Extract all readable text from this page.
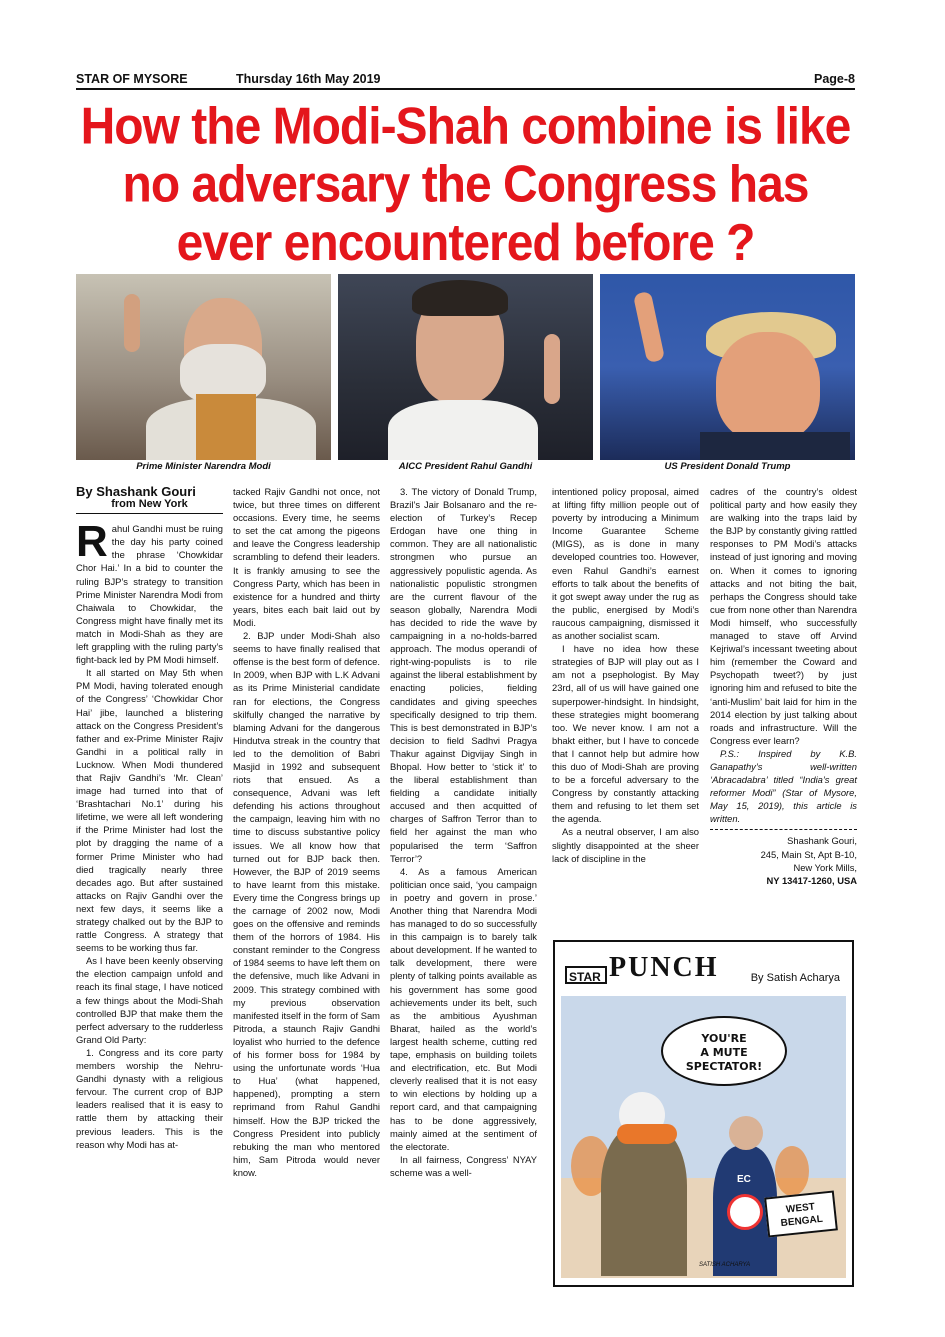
STAR OF MYSORE	Thursday 16th May 2019	Page-8
How the Modi-Shah combine is like
no adversary the Congress has
ever encountered before ?
Prime Minister Narendra Modi	AICC President Rahul Gandhi	US President Donald Trump

By Shashank Gouri

from New York

Rahul Gandhi must be ruing the day his party coined the phrase ‘Chowkidar Chor Hai.’ In a bid to counter the ruling BJP’s strategy to transition Prime Minister Narendra Modi from Chaiwala to Chowkidar, the Congress might have finally met its match in Modi-Shah as they are left grappling with the ruling party’s fight-back led by PM Modi himself.

It all started on May 5th when PM Modi, having tolerated enough of the Congress’ ‘Chowkidar Chor Hai’ jibe, launched a blistering attack on the Congress President’s father and ex-Prime Minister Rajiv Gandhi in a political rally in Lucknow. When Modi thundered that Rajiv Gandhi’s ‘Mr. Clean’ image had turned into that of ‘Brashtachari No.1’ during his lifetime, we were all left wondering if the Prime Minister had lost the plot by dragging the name of a former Prime Minister who had died tragically nearly three decades ago. But after sustained attacks on Rajiv Gandhi over the next few days, it seems like a strategy chalked out by the BJP to rattle Congress. A strategy that seems to be working thus far.

As I have been keenly observing the election campaign unfold and reach its final stage, I have noticed a few things about the Modi-Shah controlled BJP that make them the perfect adversary to the rudderless Grand Old Party:

1. Congress and its core party members worship the Nehru-Gandhi dynasty with a religious fervour. The current crop of BJP leaders realised that it is easy to rattle them by attacking their previous leaders. This is the reason why Modi has at-

tacked Rajiv Gandhi not once, not twice, but three times on different occasions. Every time, he seems to set the cat among the pigeons and leave the Congress leadership scrambling to defend their leaders. It is frankly amusing to see the Congress Party, which has been in existence for a hundred and thirty years, bites each bait laid out by Modi.

2. BJP under Modi-Shah also seems to have finally realised that offense is the best form of defence. In 2009, when BJP with L.K Advani as its Prime Ministerial candidate ran for elections, the Congress skilfully changed the narrative by blaming Advani for the dangerous Hindutva streak in the country that led to the demolition of Babri Masjid in 1992 and subsequent riots that ensued. As a consequence, Advani was left defending his actions throughout the campaign, leaving him with no time to discuss substantive policy issues. We all know how that turned out for BJP back then. However, the BJP of 2019 seems to have learnt from this mistake. Every time the Congress brings up the carnage of 2002 now, Modi goes on the offensive and reminds them of the horrors of 1984. His constant reminder to the Congress of 1984 seems to have left them on the defensive, much like Advani in 2009. This strategy combined with my previous observation manifested itself in the form of Sam Pitroda, a staunch Rajiv Gandhi loyalist who hurried to the defence of his former boss for 1984 by using the unfortunate words ‘Hua to Hua’ (what happened, happened), prompting a stern reprimand from Rahul Gandhi himself. How the BJP tricked the Congress President into publicly rebuking the man who mentored him, Sam Pitroda would never know.

3. The victory of Donald Trump, Brazil’s Jair Bolsanaro and the re-election of Turkey’s Recep Erdogan have one thing in common. They are all nationalistic strongmen who pursue an aggressively populistic agenda. As nationalistic populistic strongmen are the current flavour of the season globally, Narendra Modi has decided to ride the wave by campaigning in a no-holds-barred approach. The modus operandi of right-wing-populists is to rile against the liberal establishment by enacting policies, fielding candidates and giving speeches specifically designed to trip them. This is best demonstrated in BJP’s decision to field Sadhvi Pragya Thakur against Digvijay Singh in Bhopal. How better to ‘stick it’ to the liberal establishment than fielding a candidate initially accused and then acquitted of charges of Saffron Terror than to field her against the man who popularised the term ‘Saffron Terror’?

4. As a famous American politician once said, ‘you campaign in poetry and govern in prose.’ Another thing that Narendra Modi has managed to do so successfully in this campaign is to barely talk about development. If he wanted to talk development, there were plenty of talking points available as his government has some good achievements under its belt, such as the ambitious Ayushman Bharat, hailed as the world’s largest health scheme, cutting red tape, emphasis on building toilets and electrification, etc. But Modi cleverly realised that it is not easy to win elections by holding up a report card, and that campaigning has to be done aggressively, mainly aimed at the sentiment of the electorate.

In all fairness, Congress’ NYAY scheme was a well-

intentioned policy proposal, aimed at lifting fifty million people out of poverty by introducing a Minimum Income Guarantee Scheme (MIGS), as is done in many developed countries too. However, even Rahul Gandhi’s earnest efforts to talk about the benefits of it got swept away under the rug as the public, energised by Modi’s raucous campaigning, dismissed it as another socialist scam.

I have no idea how these strategies of BJP will play out as I am not a psephologist. By May 23rd, all of us will have gained one superpower-hindsight. In hindsight, these strategies might boomerang too. We never know. I am not a bhakt either, but I have to concede that I cannot help but admire how this duo of Modi-Shah are proving to be a forceful adversary to the Congress by constantly attacking them and refusing to let them set the agenda.

As a neutral observer, I am also slightly disappointed at the sheer lack of discipline in the

cadres of the country’s oldest political party and how easily they are walking into the traps laid by the BJP by constantly giving rattled responses to PM Modi’s attacks instead of just ignoring and moving on. When it comes to ignoring attacks and not biting the bait, perhaps the Congress should take cue from none other than Narendra Modi himself, who successfully managed to stave off Arvind Kejriwal’s incessant tweeting about him (remember the Coward and Psychopath tweet?) by just ignoring him and refused to bite the ‘anti-Muslim’ bait laid for him in the 2014 election by just talking about roads and infrastructure. Will the Congress ever learn?

P.S.: Inspired by K.B. Ganapathy’s well-written ‘Abracadabra’ titled “India’s great reformer Modi” (Star of Mysore, May 15, 2019), this article is written.

Shashank Gouri,

245, Main St, Apt B-10,

New York Mills,

NY 13417-1260, USA

STAR PUNCH	By Satish Acharya
YOU'RE
A MUTE
SPECTATOR!
EC
WEST
BENGAL
SATISH ACHARYA
